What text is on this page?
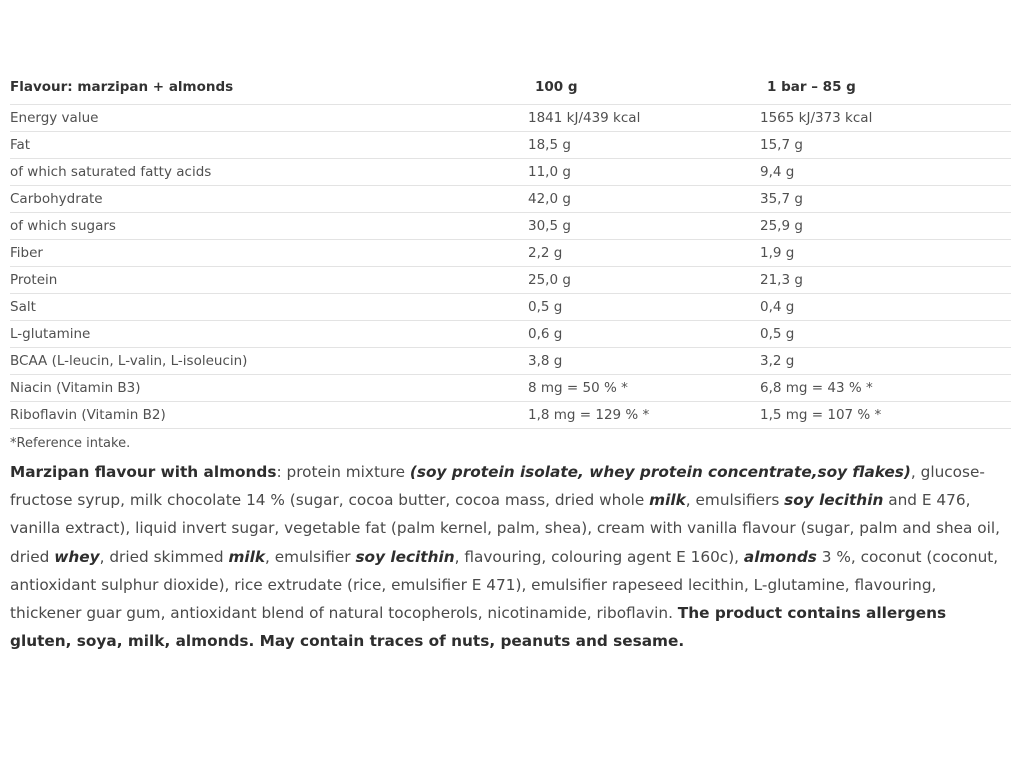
Flavour: marzipan + almonds	100 g	1 bar – 85 g
Energy value	1841 kJ/439 kcal	1565 kJ/373 kcal
Fat	18,5 g	15,7 g
of which saturated fatty acids	11,0 g	9,4 g
Carbohydrate	42,0 g	35,7 g
of which sugars	30,5 g	25,9 g
Fiber	2,2 g	1,9 g
Protein	25,0 g	21,3 g
Salt	0,5 g	0,4 g
L-glutamine	0,6 g	0,5 g
BCAA (L-leucin, L-valin, L-isoleucin)	3,8 g	3,2 g
Niacin (Vitamin B3)	8 mg = 50 % *	6,8 mg = 43 % *
Riboflavin (Vitamin B2)	1,8 mg = 129 % *	1,5 mg = 107 % *
*Reference intake.

Marzipan flavour with almonds: protein mixture (soy protein isolate, whey protein concentrate,soy flakes), glucose-fructose syrup, milk chocolate 14 % (sugar, cocoa butter, cocoa mass, dried whole milk, emulsifiers soy lecithin and E 476, vanilla extract), liquid invert sugar, vegetable fat (palm kernel, palm, shea), cream with vanilla flavour (sugar, palm and shea oil, dried whey, dried skimmed milk, emulsifier soy lecithin, flavouring, colouring agent E 160c), almonds 3 %, coconut (coconut, antioxidant sulphur dioxide), rice extrudate (rice, emulsifier E 471), emulsifier rapeseed lecithin, L-glutamine, flavouring, thickener guar gum, antioxidant blend of natural tocopherols, nicotinamide, riboflavin. The product contains allergens gluten, soya, milk, almonds. May contain traces of nuts, peanuts and sesame.
